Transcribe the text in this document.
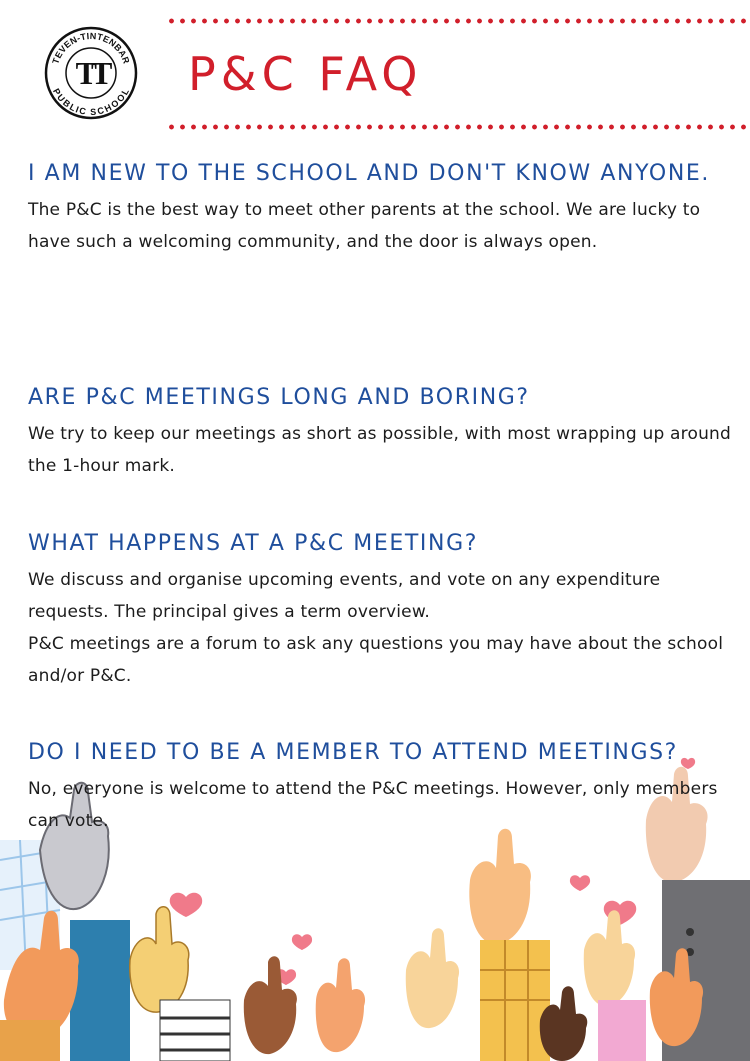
TEVEN-TINTENBAR
PUBLIC SCHOOL
TT P&C FAQ
I AM NEW TO THE SCHOOL AND DON'T KNOW ANYONE.

The P&C is the best way to meet other parents at the school. We are lucky to have such a welcoming community, and the door is always open.

ARE P&C MEETINGS LONG AND BORING?

We try to keep our meetings as short as possible, with most wrapping up around the 1-hour mark.

WHAT HAPPENS AT A P&C MEETING?

We discuss and organise upcoming events, and vote on any expenditure requests. The principal gives a term overview.

P&C meetings are a forum to ask any questions you may have about the school and/or P&C.

DO I NEED TO BE A MEMBER TO ATTEND MEETINGS?

No, everyone is welcome to attend the P&C meetings. However, only members can vote.
